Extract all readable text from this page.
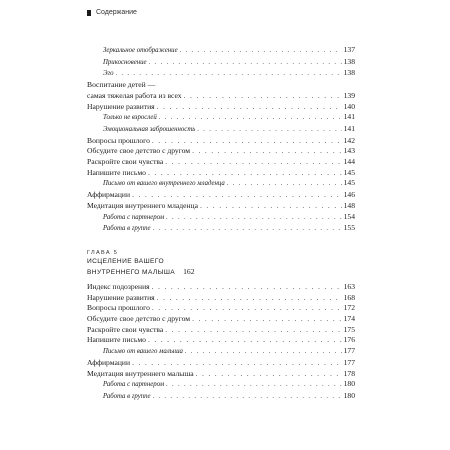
Содержание
Зеркальное отображение . . .	137
Прикосновение . . .	138
Эго . . .	138
Воспитание детей —
самая тяжелая работа из всех . . .	139
Нарушение развития . . .	140
Только не взрослей . . .	141
Эмоциональная заброшенность . . .	141
Вопросы прошлого . . .	142
Обсудите свое детство с другом . . .	143
Раскройте свои чувства . . .	144
Напишите письмо . . .	145
Письмо от вашего внутреннего младенца . . .	145
Аффирмации . . .	146
Медитация внутреннего младенца . . .	148
Работа с партнером . . .	154
Работа в группе . . .	155
ГЛАВА 5
ИСЦЕЛЕНИЕ ВАШЕГО
ВНУТРЕННЕГО МАЛЫША 162
Индекс подозрения . . .	163
Нарушение развития . . .	168
Вопросы прошлого . . .	172
Обсудите свое детство с другом . . .	174
Раскройте свои чувства . . .	175
Напишите письмо . . .	176
Письмо от вашего малыша . . .	177
Аффирмации . . .	177
Медитация внутреннего малыша . . .	178
Работа с партнером . . .	180
Работа в группе . . .	180
